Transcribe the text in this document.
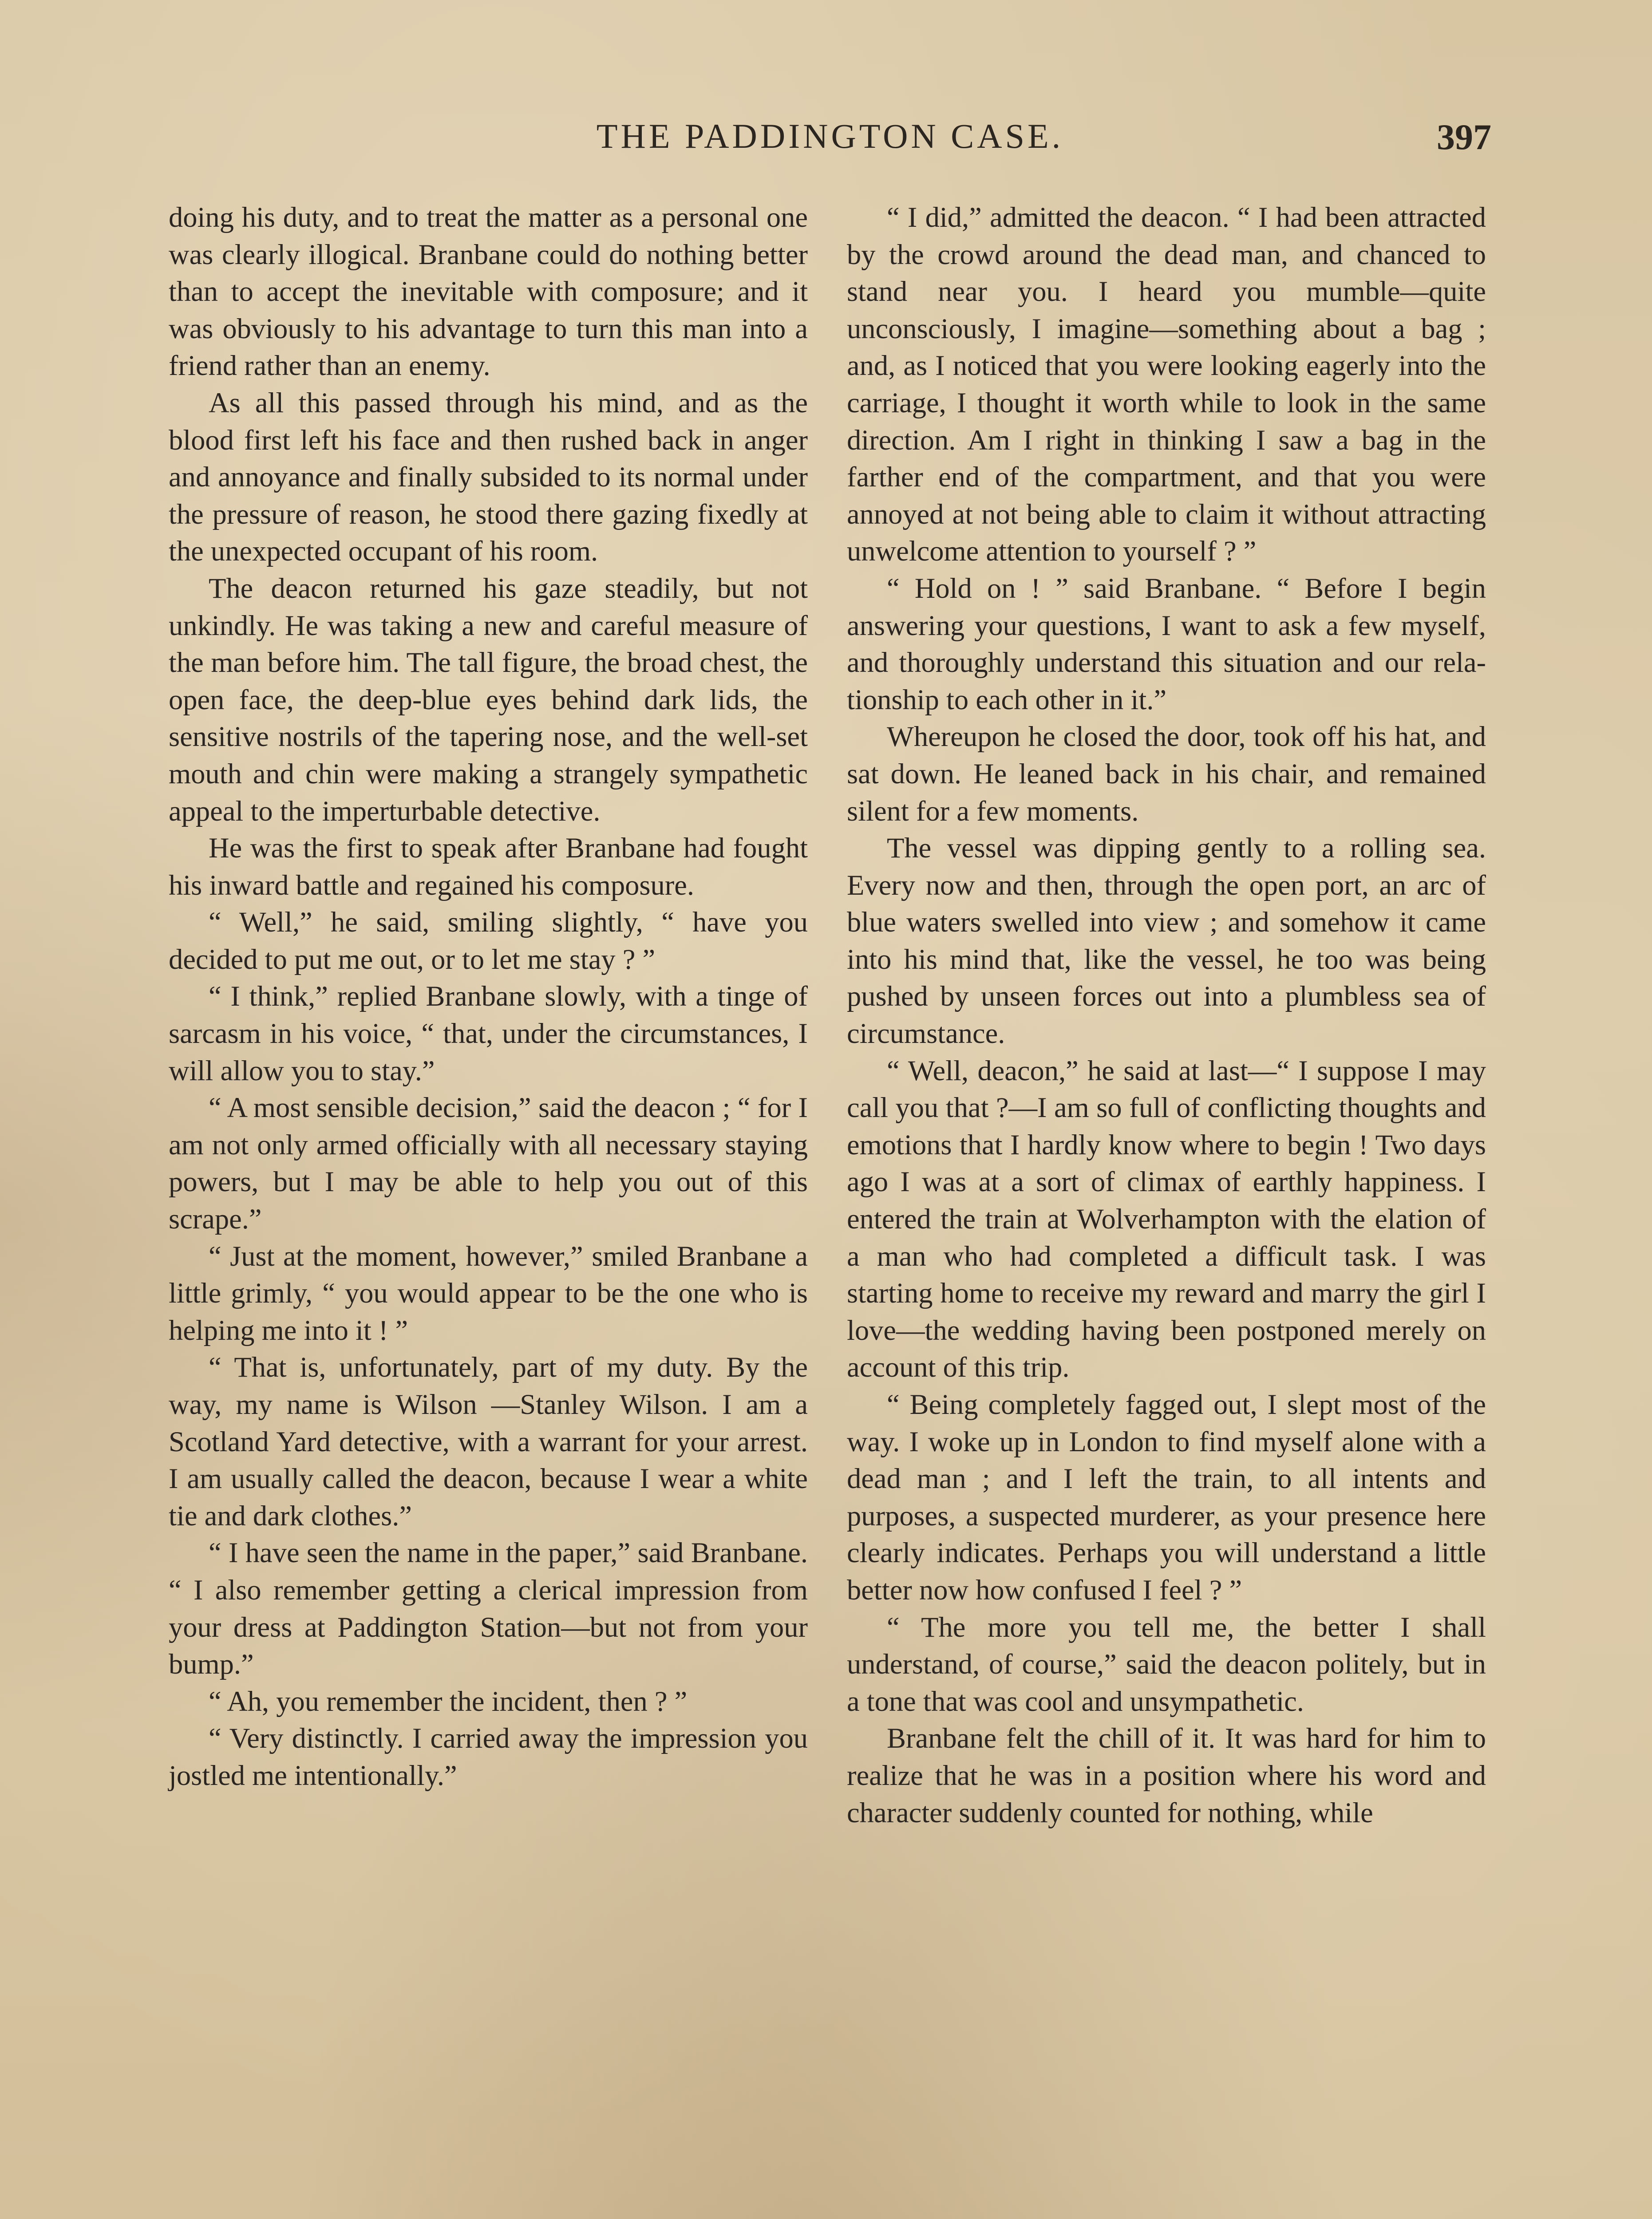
THE PADDINGTON CASE.	397

doing his duty, and to treat the matter as a personal one was clearly illogical. Branbane could do nothing better than to accept the inevitable with composure; and it was obviously to his advantage to turn this man into a friend rather than an enemy.

As all this passed through his mind, and as the blood first left his face and then rushed back in anger and annoyance and finally subsided to its normal under the pressure of reason, he stood there gazing fixedly at the unexpected occupant of his room.

The deacon returned his gaze steadily, but not unkindly. He was taking a new and careful measure of the man before him. The tall figure, the broad chest, the open face, the deep-blue eyes behind dark lids, the sensitive nostrils of the tapering nose, and the well-set mouth and chin were making a strangely sympathetic appeal to the imperturbable detective.

He was the first to speak after Branbane had fought his inward battle and regained his composure.

“ Well,” he said, smiling slightly, “ have you decided to put me out, or to let me stay ? ”

“ I think,” replied Branbane slowly, with a tinge of sarcasm in his voice, “ that, under the circumstances, I will allow you to stay.”

“ A most sensible decision,” said the deacon ; “ for I am not only armed officially with all necessary staying powers, but I may be able to help you out of this scrape.”

“ Just at the moment, however,” smiled Branbane a little grimly, “ you would appear to be the one who is helping me into it ! ”

“ That is, unfortunately, part of my duty. By the way, my name is Wilson —Stanley Wilson. I am a Scotland Yard detective, with a warrant for your arrest. I am usually called the deacon, because I wear a white tie and dark clothes.”

“ I have seen the name in the paper,” said Branbane. “ I also remember getting a clerical impression from your dress at Paddington Station—but not from your bump.”

“ Ah, you remember the incident, then ? ”

“ Very distinctly. I carried away the impression you jostled me intentionally.”

“ I did,” admitted the deacon. “ I had been attracted by the crowd around the dead man, and chanced to stand near you. I heard you mumble—quite unconsciously, I imagine—something about a bag ; and, as I noticed that you were looking eagerly into the carriage, I thought it worth while to look in the same direction. Am I right in thinking I saw a bag in the farther end of the compartment, and that you were annoyed at not being able to claim it without attracting unwelcome attention to yourself ? ”

“ Hold on ! ” said Branbane. “ Before I begin answering your questions, I want to ask a few myself, and thoroughly understand this situation and our relationship to each other in it.”

Whereupon he closed the door, took off his hat, and sat down. He leaned back in his chair, and remained silent for a few moments.

The vessel was dipping gently to a rolling sea. Every now and then, through the open port, an arc of blue waters swelled into view ; and somehow it came into his mind that, like the vessel, he too was being pushed by unseen forces out into a plumbless sea of circumstance.

“ Well, deacon,” he said at last—“ I suppose I may call you that ?—I am so full of conflicting thoughts and emotions that I hardly know where to begin ! Two days ago I was at a sort of climax of earthly happiness. I entered the train at Wolverhampton with the elation of a man who had completed a difficult task. I was starting home to receive my reward and marry the girl I love—the wedding having been postponed merely on account of this trip.

“ Being completely fagged out, I slept most of the way. I woke up in London to find myself alone with a dead man ; and I left the train, to all intents and purposes, a suspected murderer, as your presence here clearly indicates. Perhaps you will understand a little better now how confused I feel ? ”

“ The more you tell me, the better I shall understand, of course,” said the deacon politely, but in a tone that was cool and unsympathetic.

Branbane felt the chill of it. It was hard for him to realize that he was in a position where his word and character suddenly counted for nothing, while
